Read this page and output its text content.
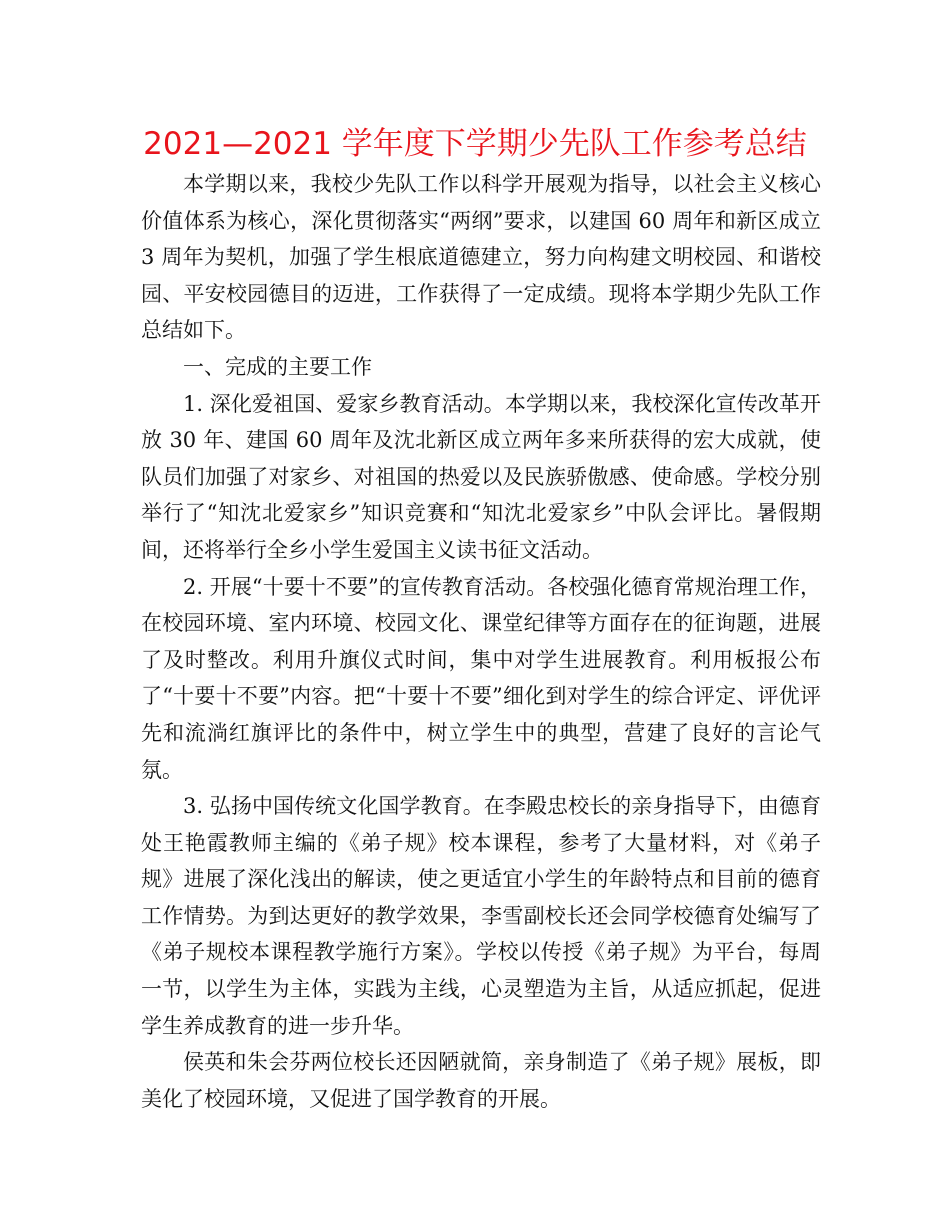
2021—2021 学年度下学期少先队工作参考总结

本学期以来，我校少先队工作以科学开展观为指导，以社会主义核心价值体系为核心，深化贯彻落实“两纲”要求，以建国 60 周年和新区成立 3 周年为契机，加强了学生根底道德建立，努力向构建文明校园、和谐校园、平安校园德目的迈进，工作获得了一定成绩。现将本学期少先队工作总结如下。

一、完成的主要工作

1. 深化爱祖国、爱家乡教育活动。本学期以来，我校深化宣传改革开放 30 年、建国 60 周年及沈北新区成立两年多来所获得的宏大成就，使队员们加强了对家乡、对祖国的热爱以及民族骄傲感、使命感。学校分别举行了“知沈北爱家乡”知识竞赛和“知沈北爱家乡”中队会评比。暑假期间，还将举行全乡小学生爱国主义读书征文活动。

2. 开展“十要十不要”的宣传教育活动。各校强化德育常规治理工作，在校园环境、室内环境、校园文化、课堂纪律等方面存在的征询题，进展了及时整改。利用升旗仪式时间，集中对学生进展教育。利用板报公布了“十要十不要”内容。把“十要十不要”细化到对学生的综合评定、评优评先和流淌红旗评比的条件中，树立学生中的典型，营建了良好的言论气氛。

3. 弘扬中国传统文化国学教育。在李殿忠校长的亲身指导下，由德育处王艳霞教师主编的《弟子规》校本课程，参考了大量材料，对《弟子规》进展了深化浅出的解读，使之更适宜小学生的年龄特点和目前的德育工作情势。为到达更好的教学效果，李雪副校长还会同学校德育处编写了《弟子规校本课程教学施行方案》。学校以传授《弟子规》为平台，每周一节，以学生为主体，实践为主线，心灵塑造为主旨，从适应抓起，促进学生养成教育的进一步升华。

侯英和朱会芬两位校长还因陋就简，亲身制造了《弟子规》展板，即美化了校园环境，又促进了国学教育的开展。
